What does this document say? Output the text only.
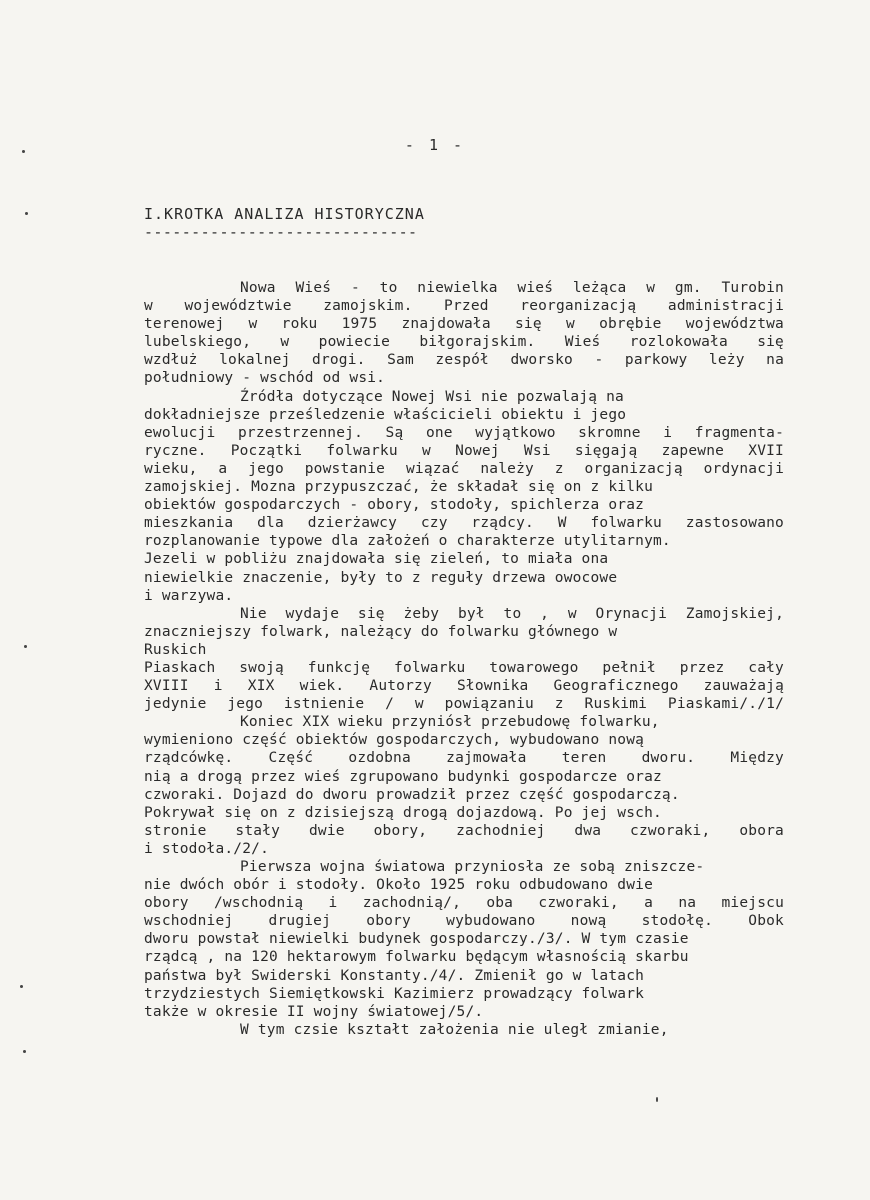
- 1 -
I.KROTKA ANALIZA HISTORYCZNA
-----------------------------
Nowa Wieś - to niewielka wieś leżąca w gm. Turobin
w województwie zamojskim. Przed reorganizacją administracji
terenowej w roku 1975 znajdowała się w obrębie województwa
lubelskiego, w powiecie biłgorajskim. Wieś rozlokowała się
wzdłuż lokalnej drogi. Sam zespół dworsko - parkowy leży na
południowy - wschód od wsi.
Źródła dotyczące Nowej Wsi nie pozwalają na
dokładniejsze prześledzenie właścicieli obiektu i jego
ewolucji przestrzennej. Są one wyjątkowo skromne i fragmenta-
ryczne. Początki folwarku w Nowej Wsi sięgają zapewne XVII
wieku, a jego powstanie wiązać należy z organizacją ordynacji
zamojskiej. Mozna przypuszczać, że składał się on z kilku
obiektów gospodarczych - obory, stodoły, spichlerza oraz
mieszkania dla dzierżawcy czy rządcy. W folwarku zastosowano
rozplanowanie typowe dla założeń o charakterze utylitarnym.
Jezeli w pobliżu znajdowała się zieleń, to miała ona
niewielkie znaczenie, były to z reguły drzewa owocowe
i warzywa.
Nie wydaje się żeby był to , w Orynacji Zamojskiej,
znaczniejszy folwark, należący do folwarku głównego w
Ruskich
Piaskach swoją funkcję folwarku towarowego pełnił przez cały
XVIII i XIX wiek. Autorzy Słownika Geograficznego zauważają
jedynie jego istnienie / w powiązaniu z Ruskimi Piaskami/./1/
Koniec XIX wieku przyniósł przebudowę folwarku,
wymieniono część obiektów gospodarczych, wybudowano nową
rządcówkę. Część ozdobna zajmowała teren dworu. Między
nią a drogą przez wieś zgrupowano budynki gospodarcze oraz
czworaki. Dojazd do dworu prowadził przez część gospodarczą.
Pokrywał się on z dzisiejszą drogą dojazdową. Po jej wsch.
stronie stały dwie obory, zachodniej dwa czworaki, obora
i stodoła./2/.
Pierwsza wojna światowa przyniosła ze sobą zniszcze-
nie dwóch obór i stodoły. Około 1925 roku odbudowano dwie
obory /wschodnią i zachodnią/, oba czworaki, a na miejscu
wschodniej drugiej obory wybudowano nową stodołę. Obok
dworu powstał niewielki budynek gospodarczy./3/. W tym czasie
rządcą , na 120 hektarowym folwarku będącym własnością skarbu
państwa był Swiderski Konstanty./4/. Zmienił go w latach
trzydziestych Siemiętkowski Kazimierz prowadzący folwark
także w okresie II wojny światowej/5/.
W tym czsie kształt założenia nie uległ zmianie,
